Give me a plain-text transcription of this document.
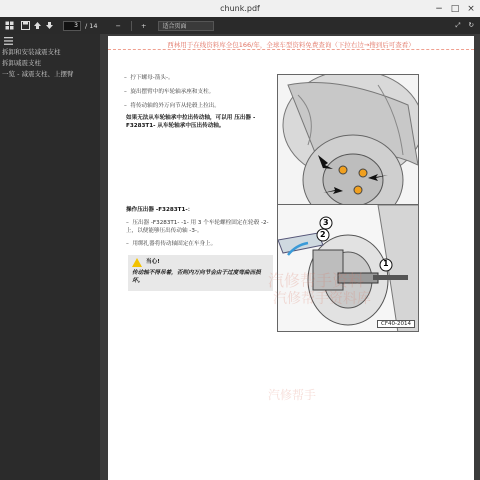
chunk.pdf	− □ ×
3
/ 14	−	+	适合页面	⤢ ↻
拆卸和安装减震支柱
拆卸减震支柱
一览 - 减震支柱、上摆臂
西林用于在线资料库全包166/年，全球车型资料免费查询（下拉右边→搜到后可查看）
–  拧下螺母-箭头-。
–  旋出摆臂中的车轮轴承座和支柱。
–  将传动轴的外万向节从轮毂上拉出。
如果无法从车轮轴承中拉出传动轴，可以用 压出器 -F3283T1- 从车轮轴承中压出传动轴。
操作压出器 -F3283T1-：
–  压出器 -F3283T1- -1- 用 3 个车轮螺栓固定在轮毂 -2- 上，以便能够压出传动轴 -3-。
–  用绑扎器将传动轴固定在车身上。
当心!
传动轴不得吊着，否则内万向节会由于过度弯曲而损坏。
1
2
3
CF40-2014
汽修帮手资料
汽修帮手资料库
汽修帮手
